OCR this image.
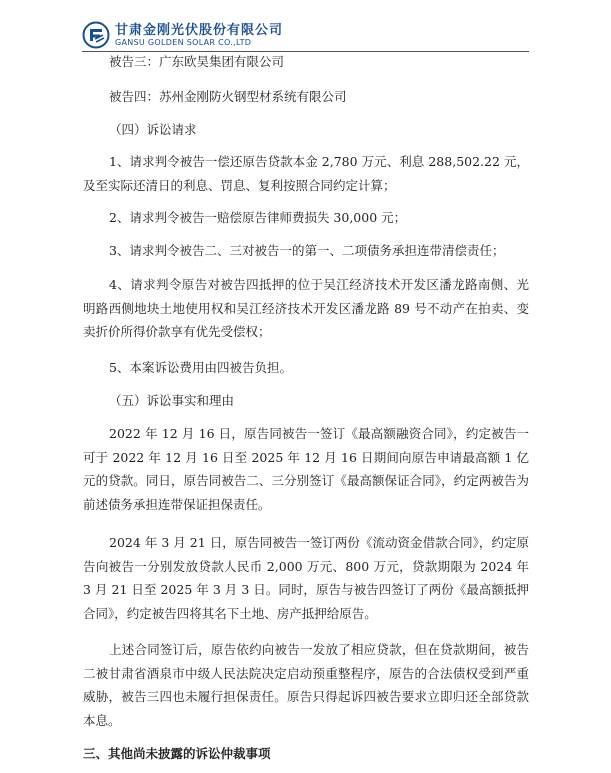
甘肃金刚光伏股份有限公司
GANSU GOLDEN SOLAR CO.,LTD

被告三：广东欧昊集团有限公司

被告四：苏州金刚防火钢型材系统有限公司

（四）诉讼请求

1、请求判令被告一偿还原告贷款本金 2,780 万元、利息 288,502.22 元，及至实际还清日的利息、罚息、复利按照合同约定计算；

2、请求判令被告一赔偿原告律师费损失 30,000 元；

3、请求判令被告二、三对被告一的第一、二项债务承担连带清偿责任；

4、请求判令原告对被告四抵押的位于吴江经济技术开发区潘龙路南侧、光明路西侧地块土地使用权和吴江经济技术开发区潘龙路 89 号不动产在拍卖、变卖折价所得价款享有优先受偿权；

5、本案诉讼费用由四被告负担。

（五）诉讼事实和理由

2022 年 12 月 16 日，原告同被告一签订《最高额融资合同》，约定被告一可于 2022 年 12 月 16 日至 2025 年 12 月 16 日期间向原告申请最高额 1 亿元的贷款。同日，原告同被告二、三分别签订《最高额保证合同》，约定两被告为前述债务承担连带保证担保责任。

2024 年 3 月 21 日，原告同被告一签订两份《流动资金借款合同》，约定原告向被告一分别发放贷款人民币 2,000 万元、800 万元，贷款期限为 2024 年 3 月 21 日至 2025 年 3 月 3 日。同时，原告与被告四签订了两份《最高额抵押合同》，约定被告四将其名下土地、房产抵押给原告。

上述合同签订后，原告依约向被告一发放了相应贷款，但在贷款期间，被告二被甘肃省酒泉市中级人民法院决定启动预重整程序，原告的合法债权受到严重威胁，被告三四也未履行担保责任。原告只得起诉四被告要求立即归还全部贷款本息。

三、其他尚未披露的诉讼仲裁事项
